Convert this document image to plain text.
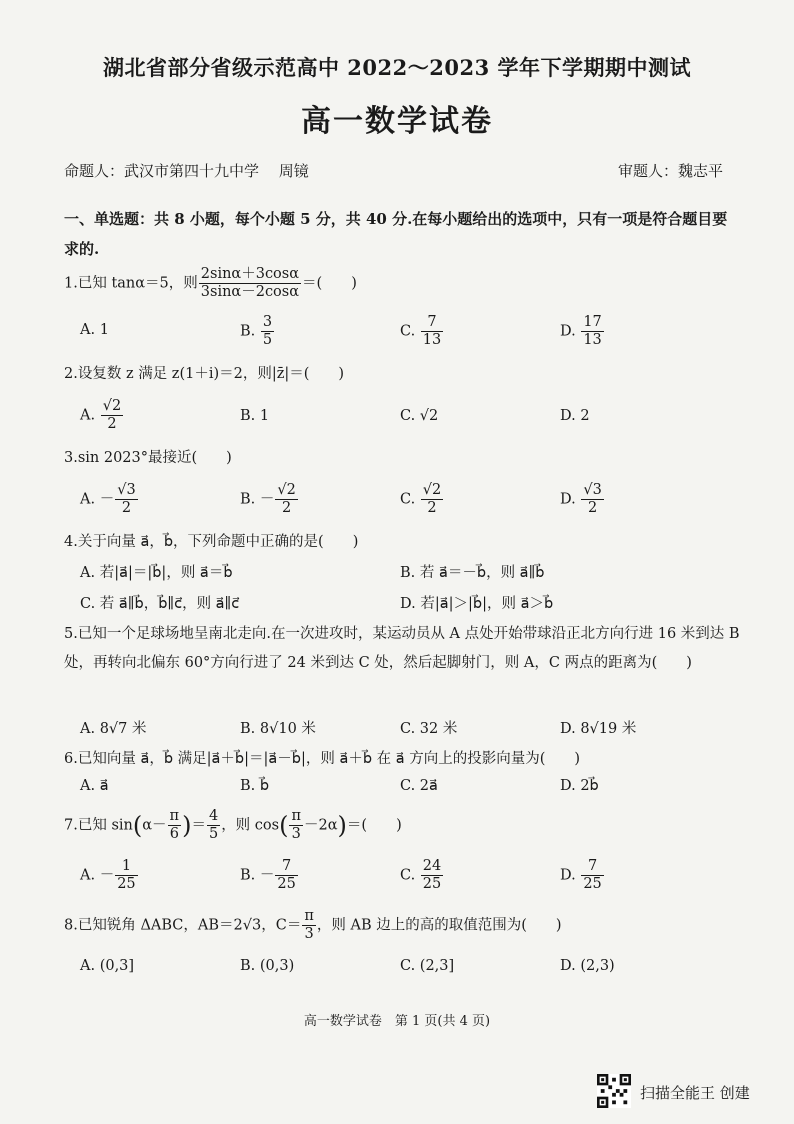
湖北省部分省级示范高中 2022～2023 学年下学期期中测试
高一数学试卷
命题人：武汉市第四十九中学　 周镜	审题人：魏志平
一、单选题：共 8 小题，每个小题 5 分，共 40 分.在每小题给出的选项中，只有一项是符合题目要求的.
1.已知 tanα＝5，则 $\frac{2\sin\alpha+3\cos\alpha}{3\sin\alpha-2\cos\alpha}$ ＝(　　)
A. 1	B. $\frac{3}{5}$	C. $\frac{7}{13}$	D. $\frac{17}{13}$
2.设复数 z 满足 z(1＋i)＝2，则|z̄|＝(　　)
A. $\frac{√2}{2}$	B. 1	C. √2	D. 2
3.sin 2023°最接近(　　)
A. － $\frac{√3}{2}$	B. － $\frac{√2}{2}$	C. $\frac{√2}{2}$	D. $\frac{√3}{2}$
4.关于向量 a⃗，b⃗，下列命题中正确的是(　　)
A. 若|a⃗|＝|b⃗|，则 a⃗＝b⃗	B. 若 a⃗＝－b⃗，则 a⃗∥b⃗
C. 若 a⃗∥b⃗，b⃗∥c⃗，则 a⃗∥c⃗	D. 若|a⃗|＞|b⃗|，则 a⃗＞b⃗
5.已知一个足球场地呈南北走向.在一次进攻时，某运动员从 A 点处开始带球沿正北方向行进 16 米到达 B 处，再转向北偏东 60°方向行进了 24 米到达 C 处，然后起脚射门，则 A，C 两点的距离为(　　)
A. 8√7 米	B. 8√10 米	C. 32 米	D. 8√19 米
6.已知向量 a⃗，b⃗ 满足|a⃗＋b⃗|＝|a⃗－b⃗|，则 a⃗＋b⃗ 在 a⃗ 方向上的投影向量为(　　)
A. a⃗	B. b⃗	C. 2a⃗	D. 2b⃗
7.已知 $\sin(\alpha- \frac{\pi}{6}$ )＝ $\frac{4}{5}$ ，则 $\cos( \frac{\pi}{3} -2\alpha)=$(　　)
A. － $\frac{1}{25}$	B. － $\frac{7}{25}$	C. $\frac{24}{25}$	D. $\frac{7}{25}$
8.已知锐角 ΔABC，AB＝2√3，$C= \frac{\pi}{3}$ ，则 AB 边上的高的取值范围为(　　)
A. (0,3]	B. (0,3)	C. (2,3]	D. (2,3)
高一数学试卷　第 1 页(共 4 页)
扫描全能王 创建
